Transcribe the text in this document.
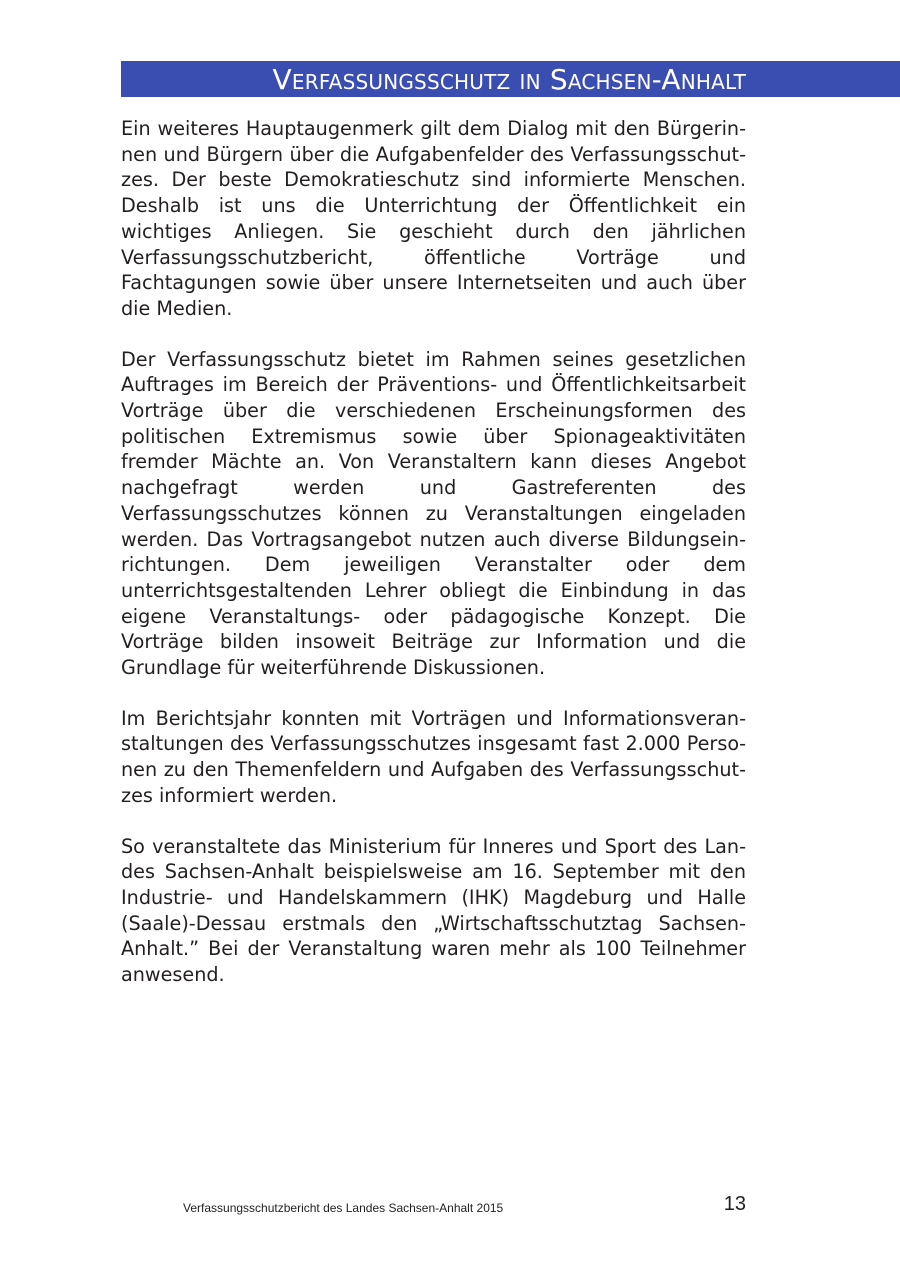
Verfassungsschutz in Sachsen-Anhalt

Ein weiteres Hauptaugenmerk gilt dem Dialog mit den Bürgerinnen und Bürgern über die Aufgabenfelder des Verfassungsschutzes. Der beste Demokratieschutz sind informierte Menschen. Deshalb ist uns die Unterrichtung der Öffentlichkeit ein wichtiges Anliegen. Sie geschieht durch den jährlichen Verfassungsschutzbericht, öffentliche Vorträge und Fachtagungen sowie über unsere Internetseiten und auch über die Medien.

Der Verfassungsschutz bietet im Rahmen seines gesetzlichen Auftrages im Bereich der Präventions- und Öffentlichkeitsarbeit Vorträge über die verschiedenen Erscheinungsformen des politischen Extremismus sowie über Spionageaktivitäten fremder Mächte an. Von Veranstaltern kann dieses Angebot nachgefragt werden und Gastreferenten des Verfassungsschutzes können zu Veranstaltungen eingeladen werden. Das Vortragsangebot nutzen auch diverse Bildungseinrichtungen. Dem jeweiligen Veranstalter oder dem unterrichtsgestaltenden Lehrer obliegt die Einbindung in das eigene Veranstaltungs- oder pädagogische Konzept. Die Vorträge bilden insoweit Beiträge zur Information und die Grundlage für weiterführende Diskussionen.

Im Berichtsjahr konnten mit Vorträgen und Informationsveranstaltungen des Verfassungsschutzes insgesamt fast 2.000 Personen zu den Themenfeldern und Aufgaben des Verfassungsschutzes informiert werden.

So veranstaltete das Ministerium für Inneres und Sport des Landes Sachsen-Anhalt beispielsweise am 16. September mit den Industrie- und Handelskammern (IHK) Magdeburg und Halle (Saale)-Dessau erstmals den „Wirtschaftsschutztag Sachsen-Anhalt.” Bei der Veranstaltung waren mehr als 100 Teilnehmer anwesend.

Verfassungsschutzbericht des Landes Sachsen-Anhalt 2015	13
